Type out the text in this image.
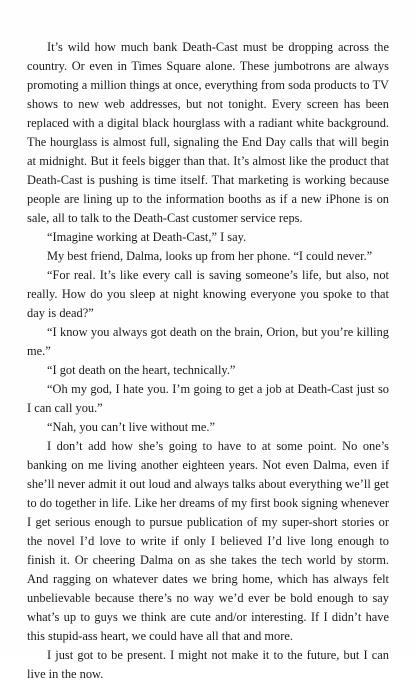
It’s wild how much bank Death-Cast must be dropping across the country. Or even in Times Square alone. These jumbotrons are always promoting a million things at once, everything from soda products to TV shows to new web addresses, but not tonight. Every screen has been replaced with a digital black hourglass with a radiant white background. The hourglass is almost full, signaling the End Day calls that will begin at midnight. But it feels bigger than that. It’s almost like the product that Death-Cast is pushing is time itself. That marketing is working because people are lining up to the information booths as if a new iPhone is on sale, all to talk to the Death-Cast customer service reps.

“Imagine working at Death-Cast,” I say.

My best friend, Dalma, looks up from her phone. “I could never.”

“For real. It’s like every call is saving someone’s life, but also, not really. How do you sleep at night knowing everyone you spoke to that day is dead?”

“I know you always got death on the brain, Orion, but you’re killing me.”

“I got death on the heart, technically.”

“Oh my god, I hate you. I’m going to get a job at Death-Cast just so I can call you.”

“Nah, you can’t live without me.”

I don’t add how she’s going to have to at some point. No one’s banking on me living another eighteen years. Not even Dalma, even if she’ll never admit it out loud and always talks about everything we’ll get to do together in life. Like her dreams of my first book signing whenever I get serious enough to pursue publication of my super-short stories or the novel I’d love to write if only I believed I’d live long enough to finish it. Or cheering Dalma on as she takes the tech world by storm. And ragging on whatever dates we bring home, which has always felt unbelievable because there’s no way we’d ever be bold enough to say what’s up to guys we think are cute and/or interesting. If I didn’t have this stupid-ass heart, we could have all that and more.

I just got to be present. I might not make it to the future, but I can live in the now.
